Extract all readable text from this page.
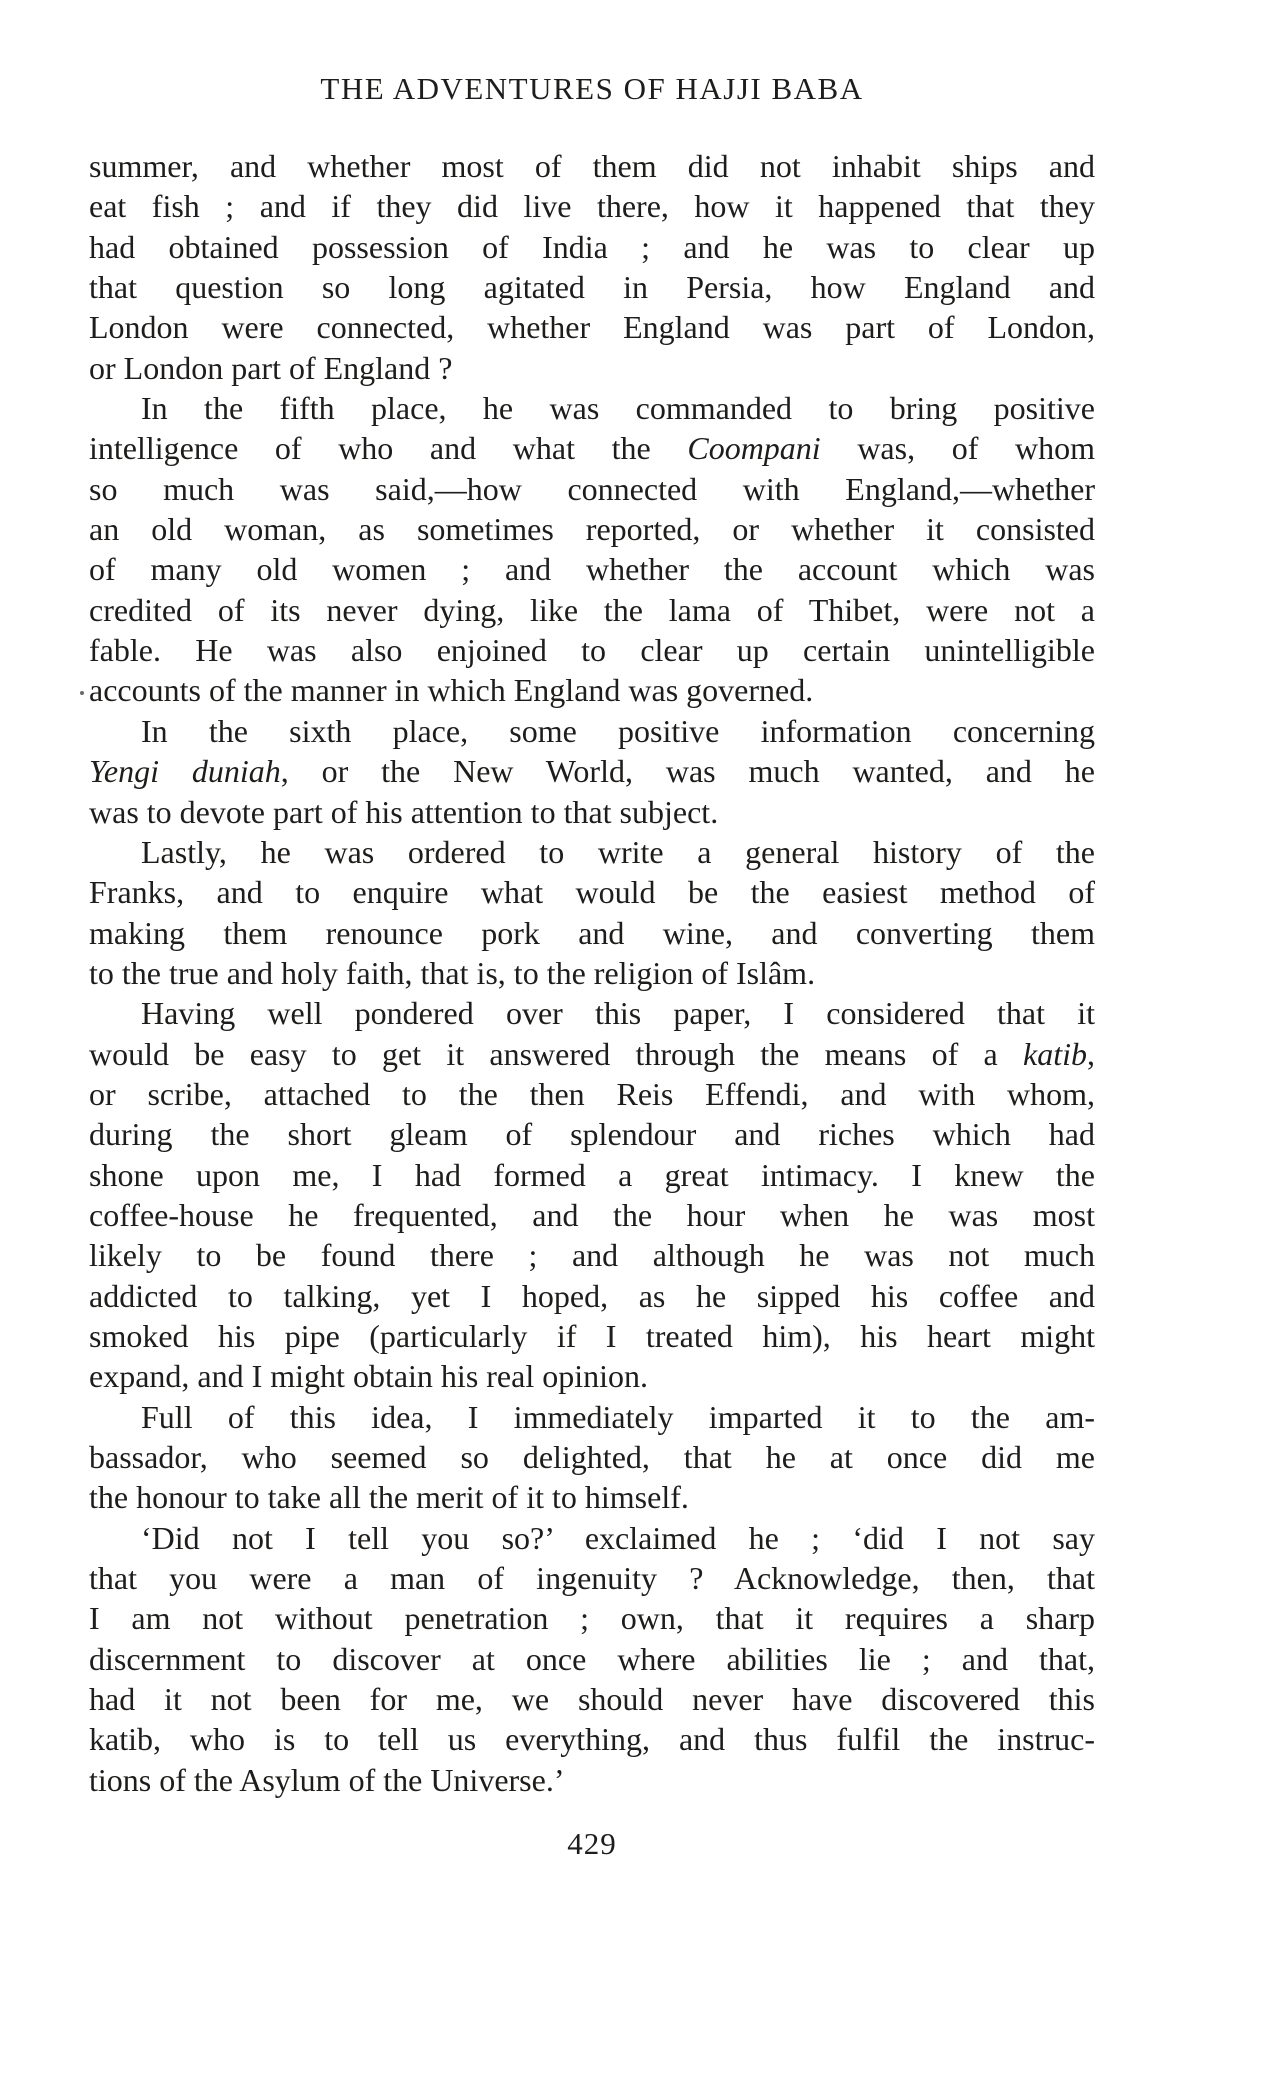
THE ADVENTURES OF HAJJI BABA

summer, and whether most of them did not inhabit ships and
eat fish ; and if they did live there, how it happened that they
had obtained possession of India ; and he was to clear up
that question so long agitated in Persia, how England and
London were connected, whether England was part of London,
or London part of England ?

In the fifth place, he was commanded to bring positive
intelligence of who and what the Coompani was, of whom
so much was said,—how connected with England,—whether
an old woman, as sometimes reported, or whether it consisted
of many old women ; and whether the account which was
credited of its never dying, like the lama of Thibet, were not a
fable. He was also enjoined to clear up certain unintelligible
accounts of the manner in which England was governed.

In the sixth place, some positive information concerning
Yengi duniah, or the New World, was much wanted, and he
was to devote part of his attention to that subject.

Lastly, he was ordered to write a general history of the
Franks, and to enquire what would be the easiest method of
making them renounce pork and wine, and converting them
to the true and holy faith, that is, to the religion of Islâm.

Having well pondered over this paper, I considered that it
would be easy to get it answered through the means of a katib,
or scribe, attached to the then Reis Effendi, and with whom,
during the short gleam of splendour and riches which had
shone upon me, I had formed a great intimacy. I knew the
coffee-house he frequented, and the hour when he was most
likely to be found there ; and although he was not much
addicted to talking, yet I hoped, as he sipped his coffee and
smoked his pipe (particularly if I treated him), his heart might
expand, and I might obtain his real opinion.

Full of this idea, I immediately imparted it to the am-
bassador, who seemed so delighted, that he at once did me
the honour to take all the merit of it to himself.

‘Did not I tell you so?’ exclaimed he ; ‘did I not say
that you were a man of ingenuity ? Acknowledge, then, that
I am not without penetration ; own, that it requires a sharp
discernment to discover at once where abilities lie ; and that,
had it not been for me, we should never have discovered this
katib, who is to tell us everything, and thus fulfil the instruc-
tions of the Asylum of the Universe.’

429
